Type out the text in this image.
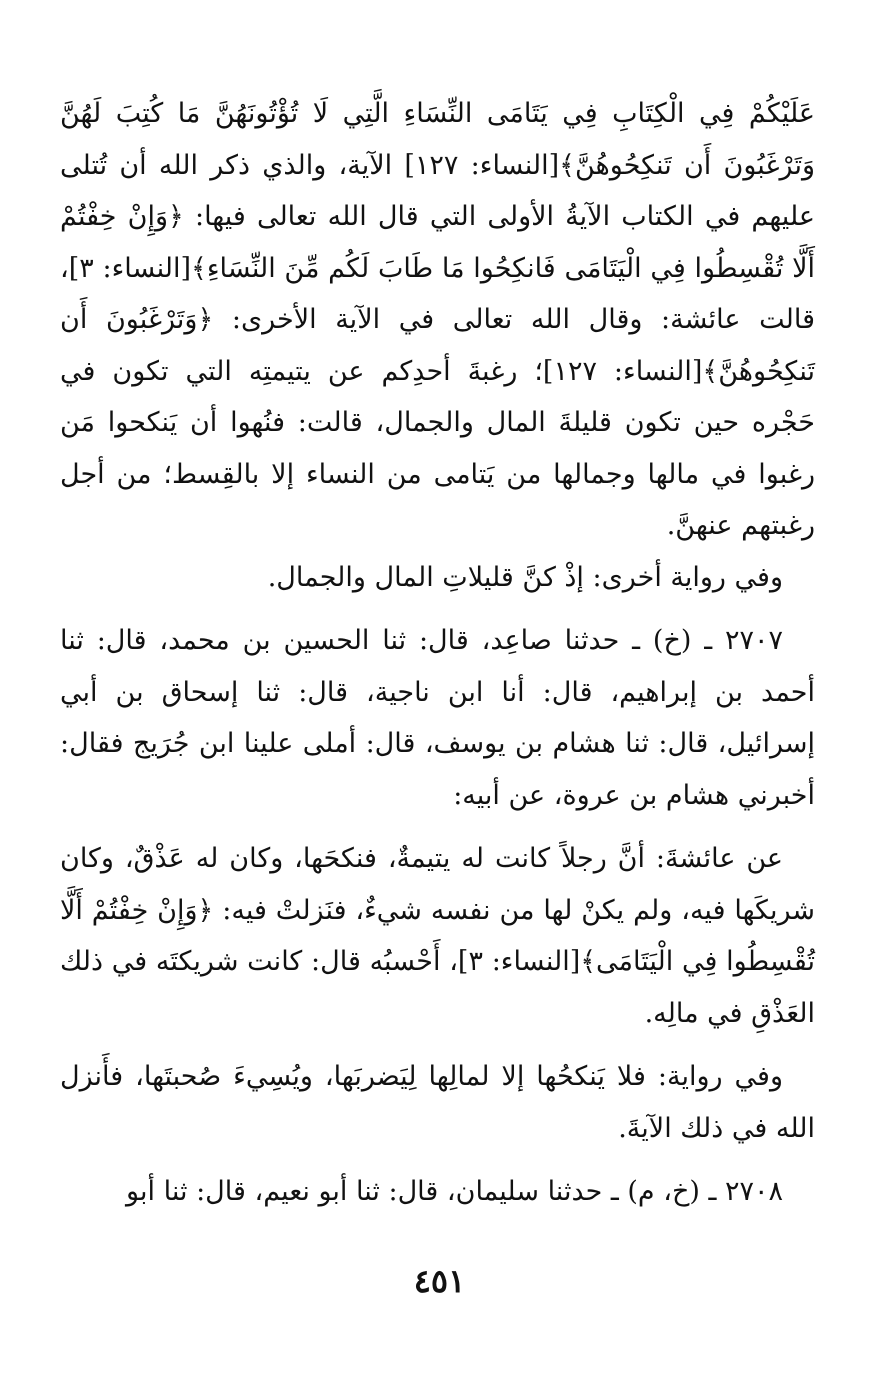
عَلَيْكُمْ فِي الْكِتَابِ فِي يَتَامَى النِّسَاءِ الَّتِي لَا تُؤْتُونَهُنَّ مَا كُتِبَ لَهُنَّ وَتَرْغَبُونَ أَن تَنكِحُوهُنَّ﴾[النساء: ١٢٧] الآية، والذي ذكر الله أن تُتلى عليهم في الكتاب الآيةُ الأولى التي قال الله تعالى فيها: ﴿وَإِنْ خِفْتُمْ أَلَّا تُقْسِطُوا فِي الْيَتَامَى فَانكِحُوا مَا طَابَ لَكُم مِّنَ النِّسَاءِ﴾[النساء: ٣]، قالت عائشة: وقال الله تعالى في الآية الأخرى: ﴿وَتَرْغَبُونَ أَن تَنكِحُوهُنَّ﴾[النساء: ١٢٧]؛ رغبةَ أحدِكم عن يتيمتِه التي تكون في حَجْره حين تكون قليلةَ المال والجمال، قالت: فنُهوا أن يَنكحوا مَن رغبوا في مالها وجمالها من يَتامى من النساء إلا بالقِسط؛ من أجل رغبتهم عنهنَّ.

وفي رواية أخرى: إذْ كنَّ قليلاتِ المال والجمال.

٢٧٠٧ ـ (خ) ـ حدثنا صاعِد، قال: ثنا الحسين بن محمد، قال: ثنا أحمد بن إبراهيم، قال: أنا ابن ناجية، قال: ثنا إسحاق بن أبي إسرائيل، قال: ثنا هشام بن يوسف، قال: أملى علينا ابن جُرَيج فقال: أخبرني هشام بن عروة، عن أبيه:

عن عائشةَ: أنَّ رجلاً كانت له يتيمةٌ، فنكحَها، وكان له عَذْقٌ، وكان شريكَها فيه، ولم يكنْ لها من نفسه شيءٌ، فنَزلتْ فيه: ﴿وَإِنْ خِفْتُمْ أَلَّا تُقْسِطُوا فِي الْيَتَامَى﴾[النساء: ٣]، أَحْسبُه قال: كانت شريكتَه في ذلك العَذْقِ في مالِه.

وفي رواية: فلا يَنكحُها إلا لمالِها لِيَضربَها، ويُسِيءَ صُحبتَها، فأَنزل الله في ذلك الآيةَ.

٢٧٠٨ ـ (خ، م) ـ حدثنا سليمان، قال: ثنا أبو نعيم، قال: ثنا أبو

٤٥١
